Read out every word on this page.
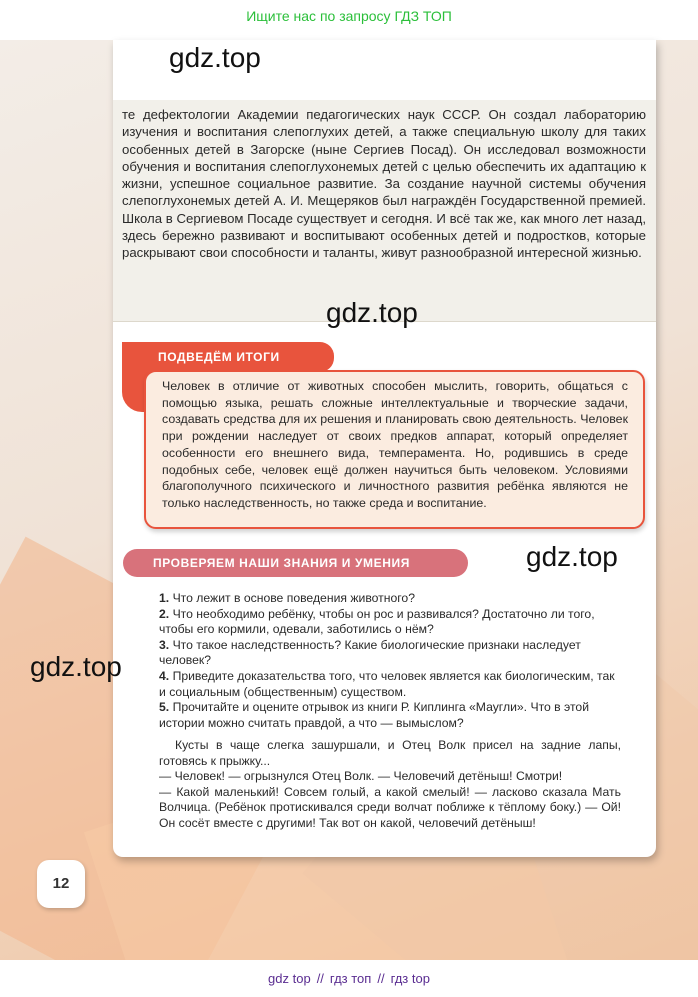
Ищите нас по запросу ГДЗ ТОП
gdz.top
те дефектологии Академии педагогических наук СССР. Он создал лабораторию изучения и воспитания слепоглухих детей, а также специальную школу для таких особенных детей в Загорске (ныне Сергиев Посад). Он исследовал возможности обучения и воспитания слепоглухонемых детей с целью обеспечить их адаптацию к жизни, успешное социальное развитие. За создание научной системы обучения слепоглухонемых детей А. И. Мещеряков был награждён Государственной премией. Школа в Сергиевом Посаде существует и сегодня. И всё так же, как много лет назад, здесь бережно развивают и воспитывают особенных детей и подростков, которые раскрывают свои способности и таланты, живут разнообразной интересной жизнью.
gdz.top
ПОДВЕДЁМ ИТОГИ
Человек в отличие от животных способен мыслить, говорить, общаться с помощью языка, решать сложные интеллектуальные и творческие задачи, создавать средства для их решения и планировать свою деятельность. Человек при рождении наследует от своих предков аппарат, который определяет особенности его внешнего вида, темперамента. Но, родившись в среде подобных себе, человек ещё должен научиться быть человеком. Условиями благополучного психического и личностного развития ребёнка являются не только наследственность, но также среда и воспитание.
ПРОВЕРЯЕМ НАШИ ЗНАНИЯ И УМЕНИЯ	gdz.top

1. Что лежит в основе поведения животного?

2. Что необходимо ребёнку, чтобы он рос и развивался? Достаточно ли того, чтобы его кормили, одевали, заботились о нём?

3. Что такое наследственность? Какие биологические признаки наследует человек?

4. Приведите доказательства того, что человек является как биологическим, так и социальным (общественным) существом.

5. Прочитайте и оцените отрывок из книги Р. Киплинга «Маугли». Что в этой истории можно считать правдой, а что — вымыслом?

gdz.top

Кусты в чаще слегка зашуршали, и Отец Волк присел на задние лапы, готовясь к прыжку...

— Человек! — огрызнулся Отец Волк. — Человечий детёныш! Смотри!

— Какой маленький! Совсем голый, а какой смелый! — ласково сказала Мать Волчица. (Ребёнок протискивался среди волчат поближе к тёплому боку.) — Ой! Он сосёт вместе с другими! Так вот он какой, человечий детёныш!

12
gdz top // гдз топ // гдз top
